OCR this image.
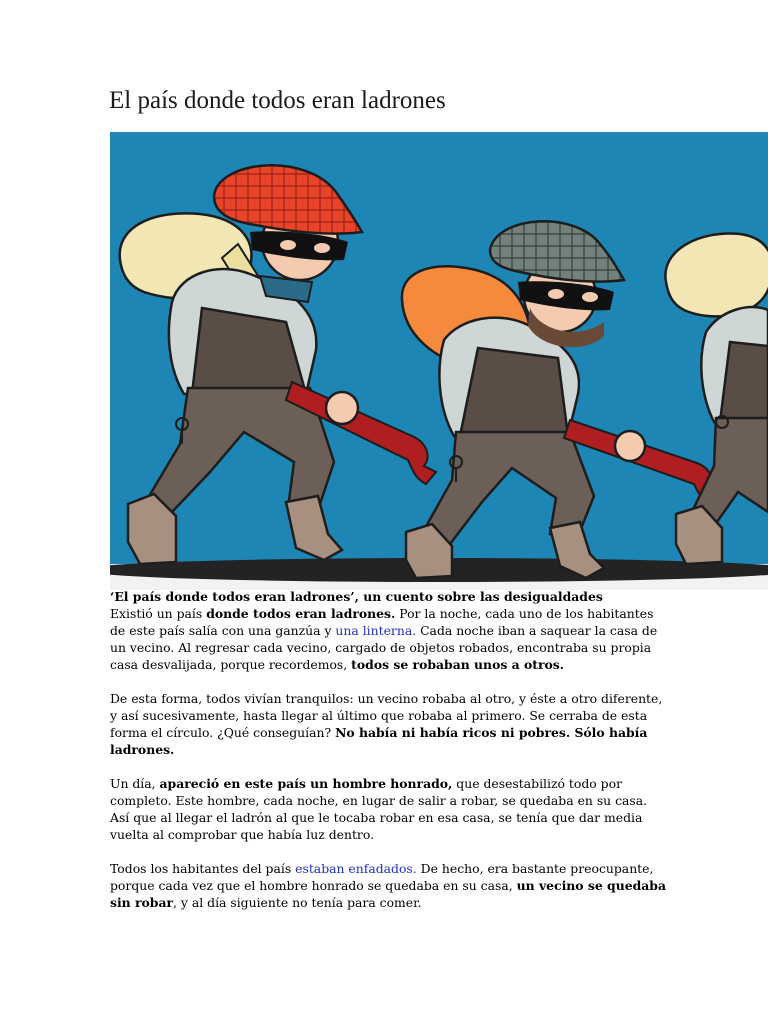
El país donde todos eran ladrones

‘El país donde todos eran ladrones’, un cuento sobre las desigualdades

Existió un país donde todos eran ladrones. Por la noche, cada uno de los habitantes de este país salía con una ganzúa y una linterna. Cada noche iban a saquear la casa de un vecino. Al regresar cada vecino, cargado de objetos robados, encontraba su propia casa desvalijada, porque recordemos, todos se robaban unos a otros.

De esta forma, todos vivían tranquilos: un vecino robaba al otro, y éste a otro diferente, y así sucesivamente, hasta llegar al último que robaba al primero. Se cerraba de esta forma el círculo. ¿Qué conseguían? No había ni había ricos ni pobres. Sólo había ladrones.

Un día, apareció en este país un hombre honrado, que desestabilizó todo por completo. Este hombre, cada noche, en lugar de salir a robar, se quedaba en su casa. Así que al llegar el ladrón al que le tocaba robar en esa casa, se tenía que dar media vuelta al comprobar que había luz dentro.

Todos los habitantes del país estaban enfadados. De hecho, era bastante preocupante, porque cada vez que el hombre honrado se quedaba en su casa, un vecino se quedaba sin robar, y al día siguiente no tenía para comer.
